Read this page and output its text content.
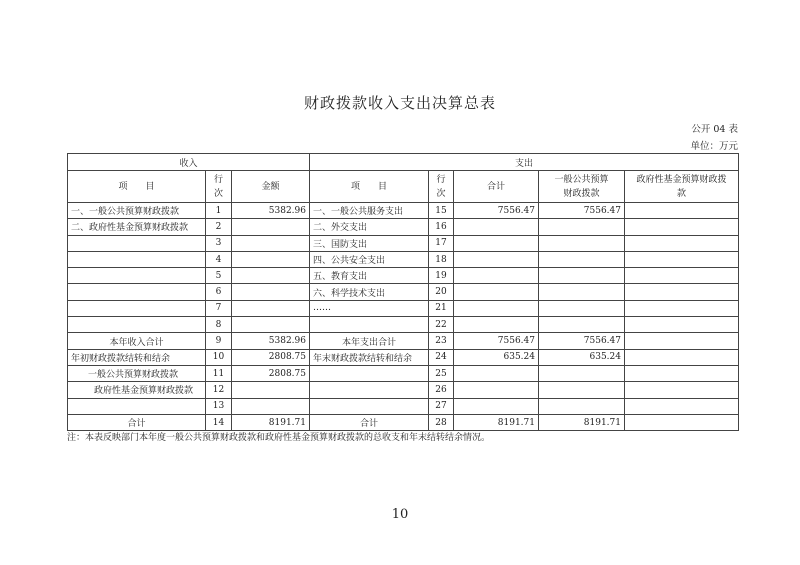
财政拨款收入支出决算总表
公开 04 表
单位：万元
收入			支出				
项　　目	行次	金额	项　　目	行次	合计	一般公共预算财政拨款	政府性基金预算财政拨款
一、一般公共预算财政拨款	1	5382.96	一、一般公共服务支出	15	7556.47	7556.47	
二、政府性基金预算财政拨款	2		二、外交支出	16			
	3		三、国防支出	17			
	4		四、公共安全支出	18			
	5		五、教育支出	19			
	6		六、科学技术支出	20			
	7		……	21			
	8			22			
本年收入合计	9	5382.96	本年支出合计	23	7556.47	7556.47	
年初财政拨款结转和结余	10	2808.75	年末财政拨款结转和结余	24	635.24	635.24	
一般公共预算财政拨款	11	2808.75		25			
政府性基金预算财政拨款	12			26			
	13			27			
合计	14	8191.71	合计	28	8191.71	8191.71	
注：本表反映部门本年度一般公共预算财政拨款和政府性基金预算财政拨款的总收支和年末结转结余情况。
10
